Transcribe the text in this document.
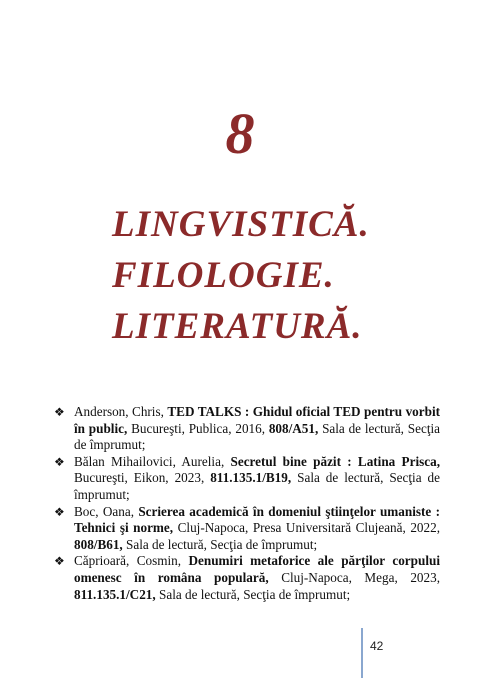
8
LINGVISTICĂ.
FILOLOGIE.
LITERATURĂ.
❖ Anderson, Chris, TED TALKS : Ghidul oficial TED pentru vorbit în public, Bucureşti, Publica, 2016, 808/A51, Sala de lectură, Secţia de împrumut;
❖ Bălan Mihailovici, Aurelia, Secretul bine păzit : Latina Prisca, Bucureşti, Eikon, 2023, 811.135.1/B19, Sala de lectură, Secţia de împrumut;
❖ Boc, Oana, Scrierea academică în domeniul ştiinţelor umaniste : Tehnici şi norme, Cluj-Napoca, Presa Universitară Clujeană, 2022, 808/B61, Sala de lectură, Secţia de împrumut;
❖ Căprioară, Cosmin, Denumiri metaforice ale părţilor corpului omenesc în româna populară, Cluj-Napoca, Mega, 2023, 811.135.1/C21, Sala de lectură, Secţia de împrumut;
42
